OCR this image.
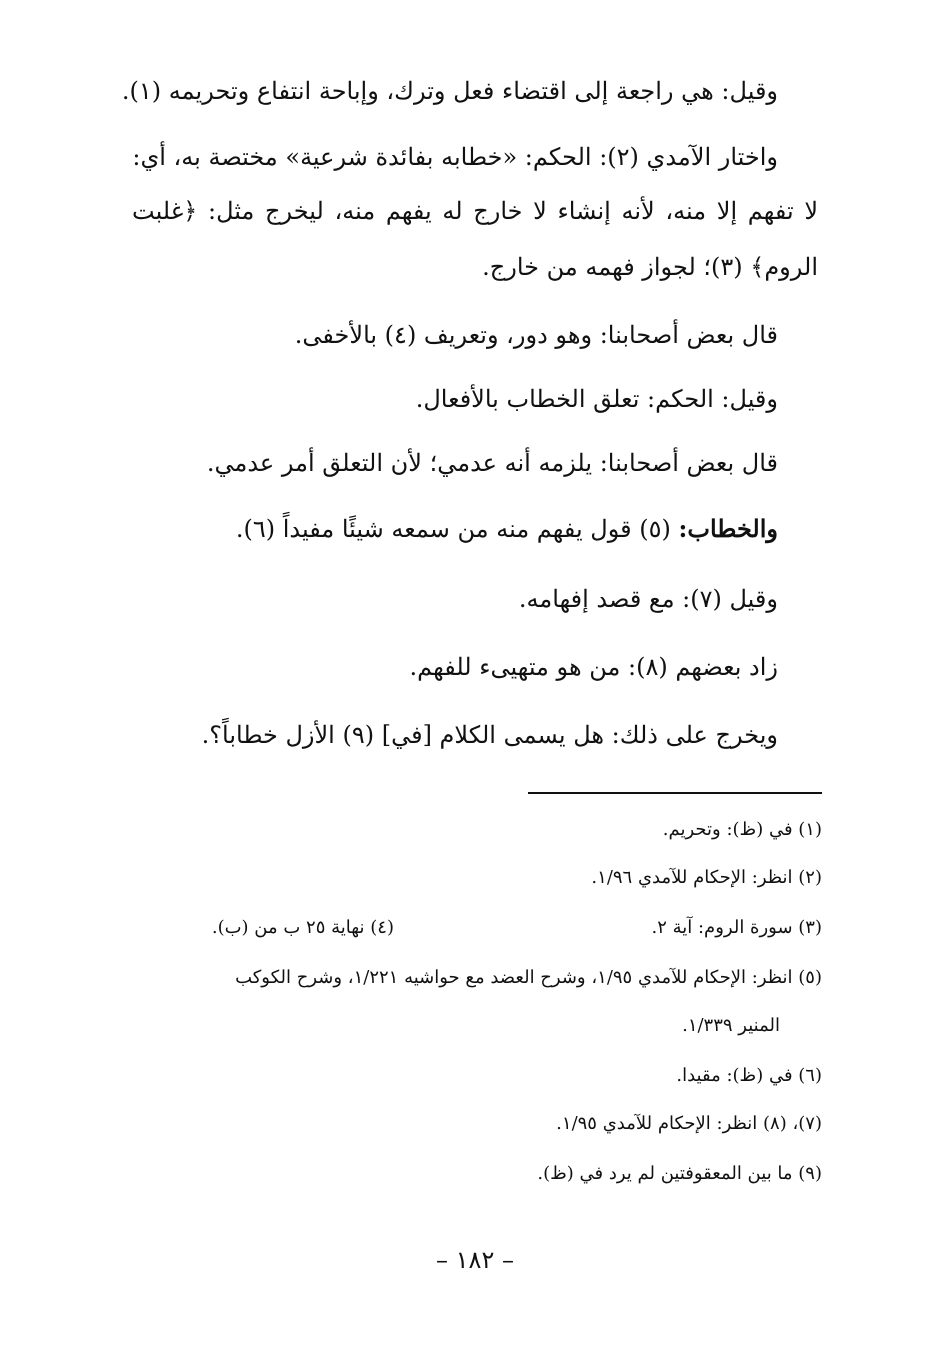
وقيل: هي راجعة إلى اقتضاء فعل وترك، وإباحة انتفاع وتحريمه (١).
واختار الآمدي (٢): الحكم: «خطابه بفائدة شرعية» مختصة به، أي:
لا تفهم إلا منه، لأنه إنشاء لا خارج له يفهم منه، ليخرج مثل: ﴿غلبت
الروم﴾ (٣)؛ لجواز فهمه من خارج.
قال بعض أصحابنا: وهو دور، وتعريف (٤) بالأخفى.
وقيل: الحكم: تعلق الخطاب بالأفعال.
قال بعض أصحابنا: يلزمه أنه عدمي؛ لأن التعلق أمر عدمي.
والخطاب: (٥) قول يفهم منه من سمعه شيئًا مفيداً (٦).
وقيل (٧): مع قصد إفهامه.
زاد بعضهم (٨): من هو متهيىء للفهم.
ويخرج على ذلك: هل يسمى الكلام [في] (٩) الأزل خطاباً؟.
(١) في (ظ): وتحريم.
(٢) انظر: الإحكام للآمدي ١/٩٦.
(٣) سورة الروم: آية ٢.
(٤) نهاية ٢٥ ب من (ب).
(٥) انظر: الإحكام للآمدي ١/٩٥، وشرح العضد مع حواشيه ١/٢٢١، وشرح الكوكب
المنير ١/٣٣٩.
(٦) في (ظ): مقيدا.
(٧)، (٨) انظر: الإحكام للآمدي ١/٩٥.
(٩) ما بين المعقوفتين لم يرد في (ظ).
– ١٨٢ –
